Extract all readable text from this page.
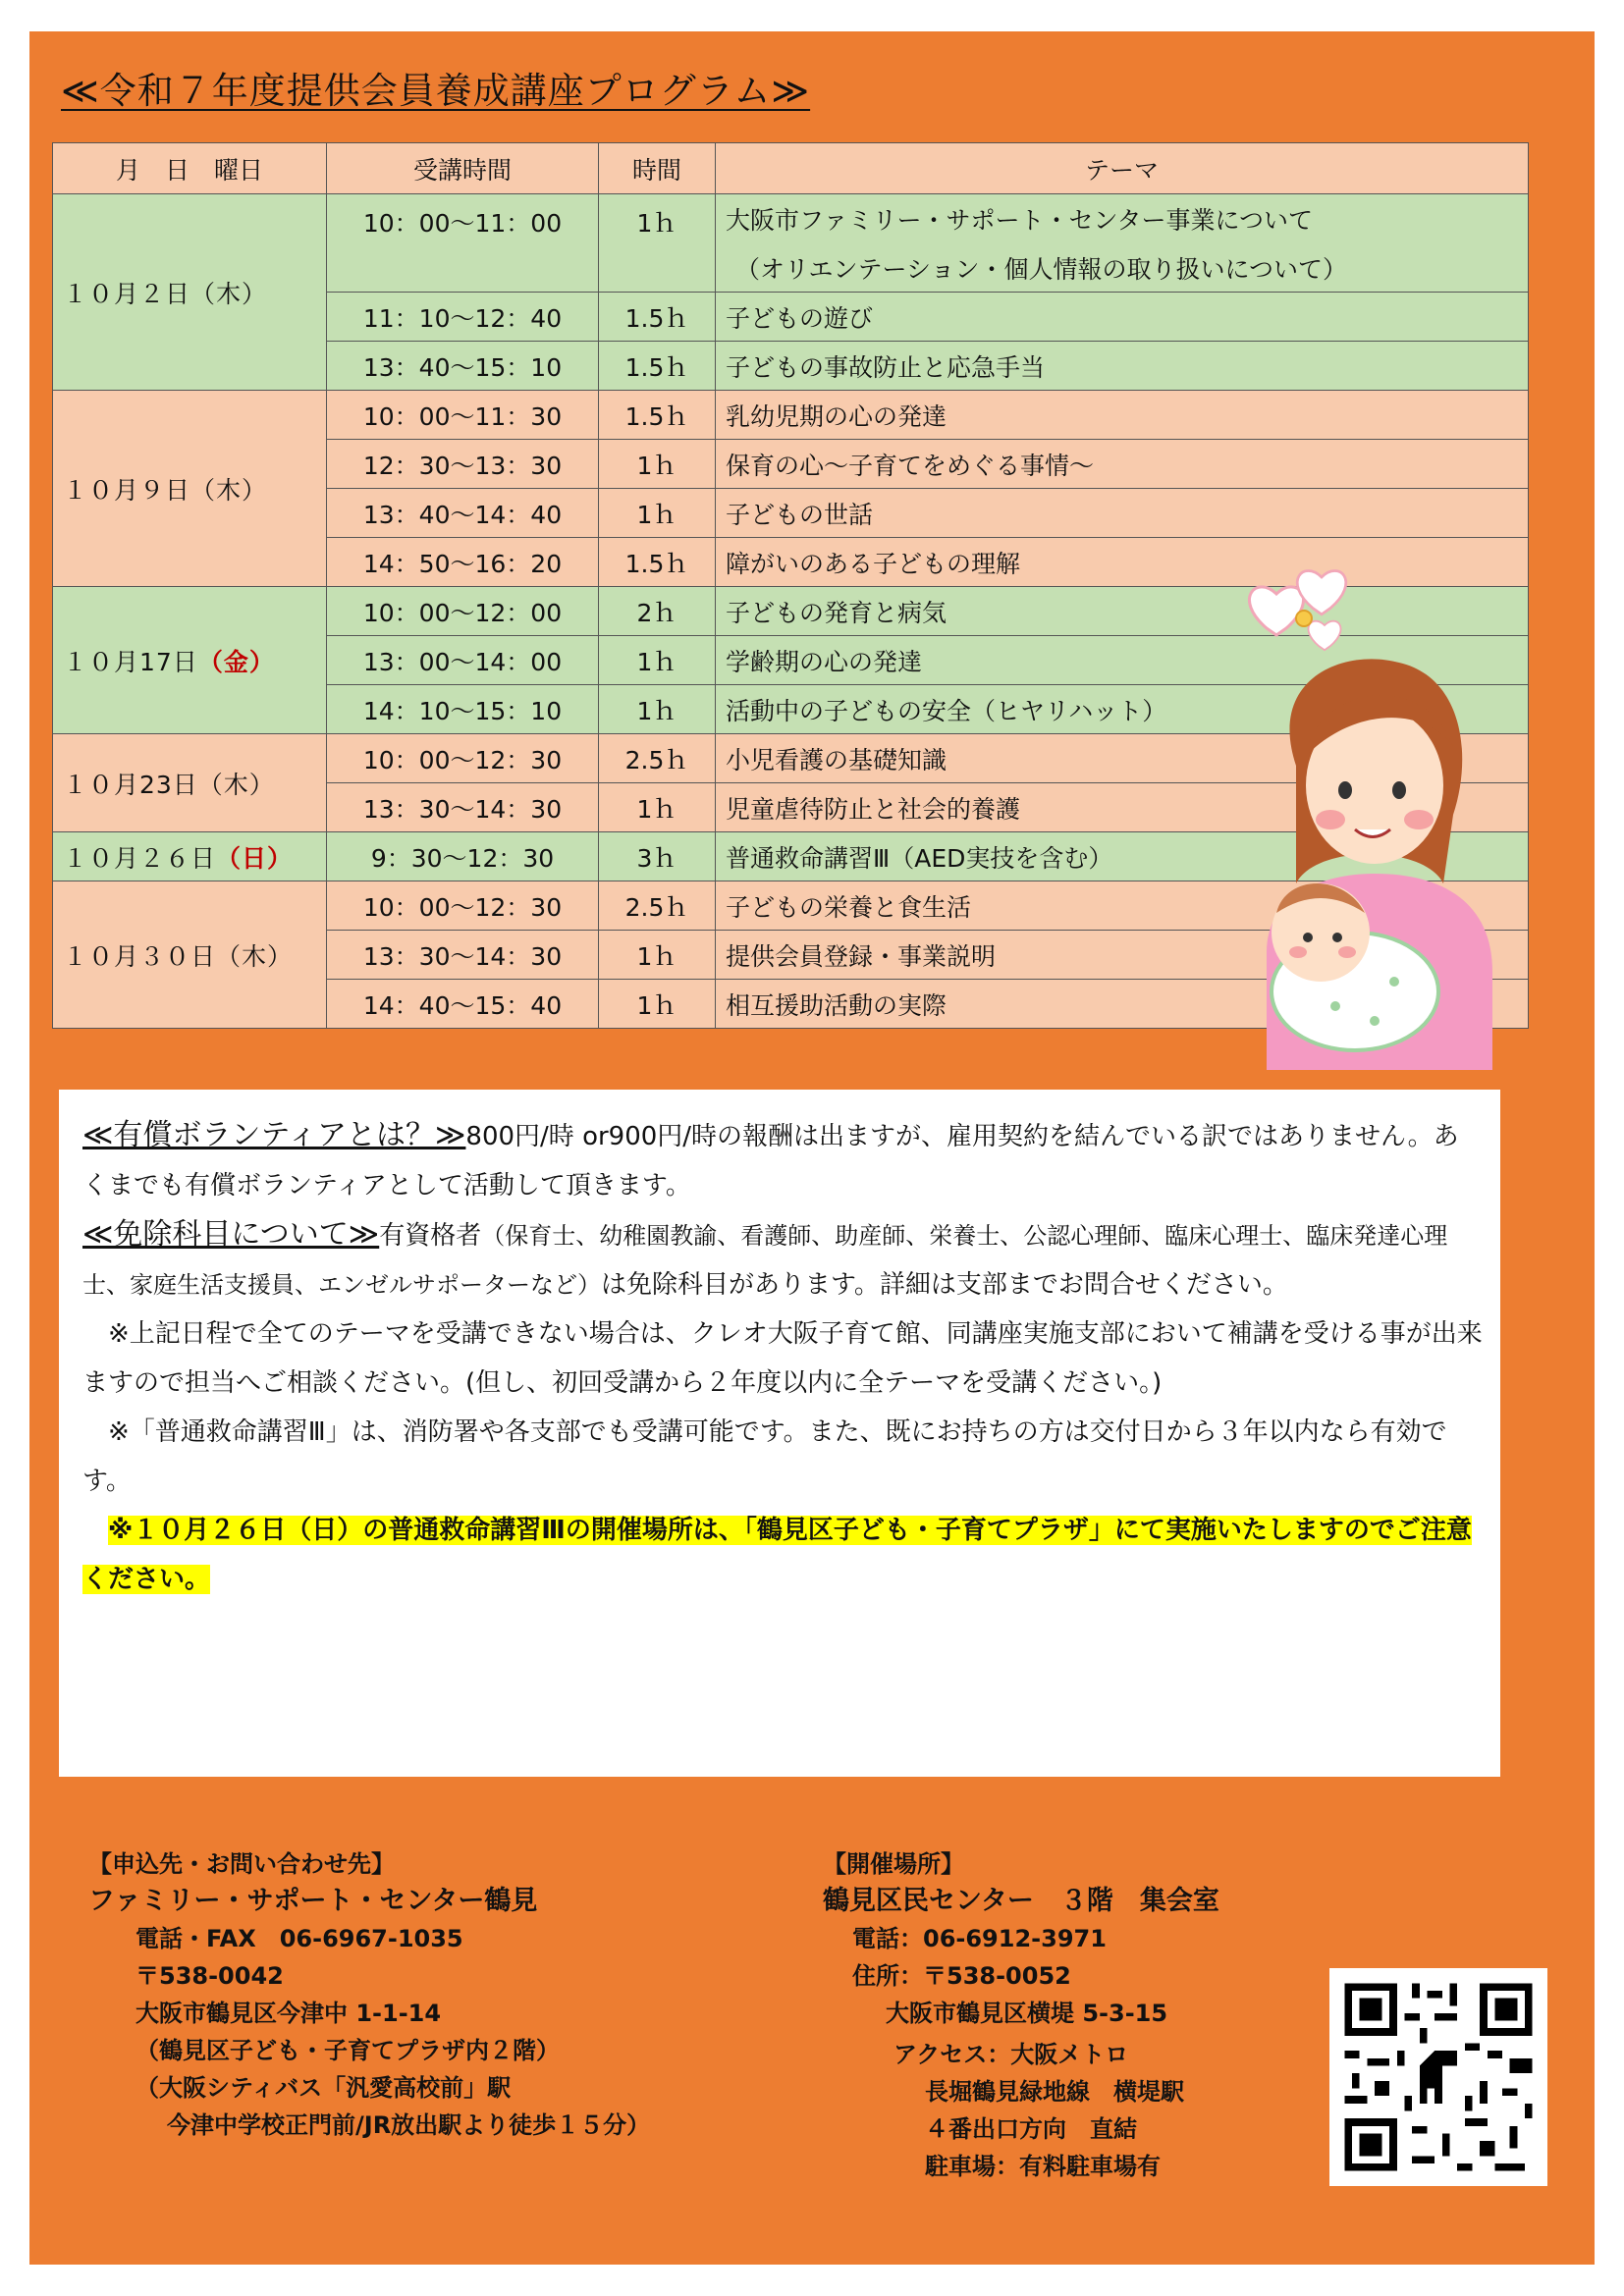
≪令和７年度提供会員養成講座プログラム≫
月　日　曜日	受講時間	時間	テーマ
１０月２日（木）	10：00〜11：00	1ｈ	大阪市ファミリー・サポート・センター事業について
（オリエンテーション・個人情報の取り扱いについて）

	11：10〜12：40	1.5ｈ	子どもの遊び
	13：40〜15：10	1.5ｈ	子どもの事故防止と応急手当
１０月９日（木）	10：00〜11：30	1.5ｈ	乳幼児期の心の発達
	12：30〜13：30	1ｈ	保育の心〜子育てをめぐる事情〜
	13：40〜14：40	1ｈ	子どもの世話
	14：50〜16：20	1.5ｈ	障がいのある子どもの理解
１０月17日（金）	10：00〜12：00	2ｈ	子どもの発育と病気
	13：00〜14：00	1ｈ	学齢期の心の発達
	14：10〜15：10	1ｈ	活動中の子どもの安全（ヒヤリハット）
１０月23日（木）	10：00〜12：30	2.5ｈ	小児看護の基礎知識
	13：30〜14：30	1ｈ	児童虐待防止と社会的養護
１０月２６日（日）	9：30〜12：30	3ｈ	普通救命講習Ⅲ（AED実技を含む）
１０月３０日（木）	10：00〜12：30	2.5ｈ	子どもの栄養と食生活
	13：30〜14：30	1ｈ	提供会員登録・事業説明
	14：40〜15：40	1ｈ	相互援助活動の実際

≪有償ボランティアとは？≫800円/時 or900円/時の報酬は出ますが、雇用契約を結んでいる訳ではありません。あくまでも有償ボランティアとして活動して頂きます。

≪免除科目について≫有資格者（保育士、幼稚園教諭、看護師、助産師、栄養士、公認心理師、臨床心理士、臨床発達心理士、家庭生活支援員、エンゼルサポーターなど）は免除科目があります。詳細は支部までお問合せください。

※上記日程で全てのテーマを受講できない場合は、クレオ大阪子育て館、同講座実施支部において補講を受ける事が出来ますので担当へご相談ください。(但し、初回受講から２年度以内に全テーマを受講ください。)

※「普通救命講習Ⅲ」は、消防署や各支部でも受講可能です。また、既にお持ちの方は交付日から３年以内なら有効です。

※１０月２６日（日）の普通救命講習Ⅲの開催場所は、「鶴見区子ども・子育てプラザ」にて実施いたしますのでご注意ください。

【申込先・お問い合わせ先】
ファミリー・サポート・センター鶴見
電話・FAX　06-6967-1035
〒538-0042
大阪市鶴見区今津中 1-1-14
（鶴見区子ども・子育てプラザ内２階）
（大阪シティバス「汎愛高校前」駅
今津中学校正門前/JR放出駅より徒歩１５分）
【開催場所】
鶴見区民センター　３階　集会室
電話：06-6912-3971
住所：〒538-0052
大阪市鶴見区横堤 5-3-15
アクセス：大阪メトロ
長堀鶴見緑地線　横堤駅
４番出口方向　直結
駐車場：有料駐車場有
